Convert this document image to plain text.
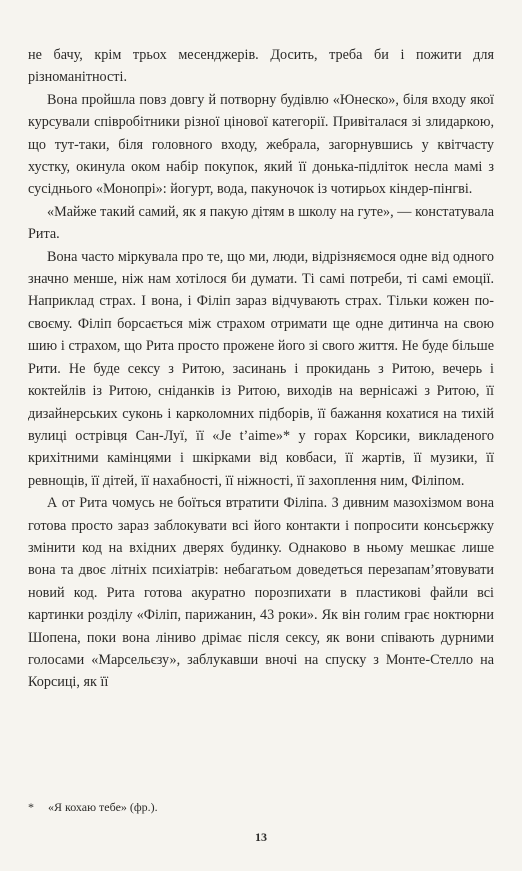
не бачу, крім трьох месенджерів. Досить, треба би і пожити для різноманітності.

Вона пройшла повз довгу й потворну будівлю «Юнеско», біля входу якої курсували співробітники різної цінової категорії. Привіталася зі злидаркою, що тут-таки, біля головного входу, жебрала, загорнувшись у квітчасту хустку, окинула оком набір покупок, який її донька-підліток несла мамі з сусіднього «Монопрі»: йогурт, вода, пакуночок із чотирьох кіндер-пінгві.

«Майже такий самий, як я пакую дітям в школу на гуте», — констатувала Рита.

Вона часто міркувала про те, що ми, люди, відрізняємося одне від одного значно менше, ніж нам хотілося би думати. Ті самі потреби, ті самі емоції. Наприклад страх. І вона, і Філіп зараз відчувають страх. Тільки кожен по-своєму. Філіп борсається між страхом отримати ще одне дитинча на свою шию і страхом, що Рита просто прожене його зі свого життя. Не буде більше Рити. Не буде сексу з Ритою, засинань і прокидань з Ритою, вечерь і коктейлів із Ритою, сніданків із Ритою, виходів на вернісажі з Ритою, її дизайнерських суконь і карколомних підборів, її бажання кохатися на тихій вулиці острівця Сан-Луї, її «Je t’aime»* у горах Корсики, викладеного крихітними камінцями і шкірками від ковбаси, її жартів, її музики, її ревнощів, її дітей, її нахабності, її ніжності, її захоплення ним, Філіпом.

А от Рита чомусь не боїться втратити Філіпа. З дивним мазохізмом вона готова просто зараз заблокувати всі його контакти і попросити консьєржку змінити код на вхідних дверях будинку. Однаково в ньому мешкає лише вона та двоє літніх психіатрів: небагатьом доведеться перезапам’ятовувати новий код. Рита готова акуратно порозпихати в пластикові файли всі картинки розділу «Філіп, парижанин, 43 роки». Як він голим грає ноктюрни Шопена, поки вона ліниво дрімає після сексу, як вони співають дурними голосами «Марсельєзу», заблукавши вночі на спуску з Монте-Стелло на Корсиці, як її

* «Я кохаю тебе» (фр.).
13
